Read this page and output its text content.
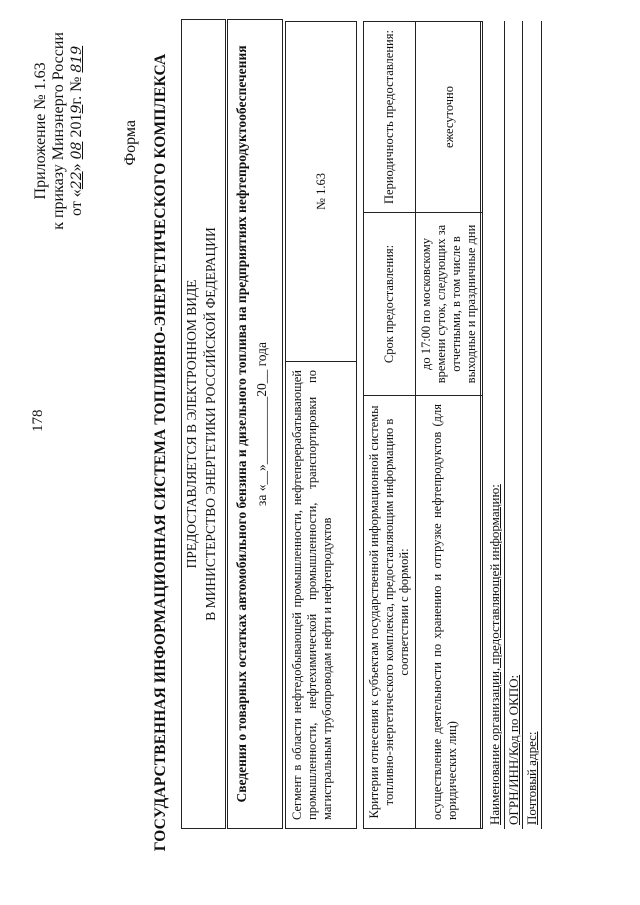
178
Приложение № 1.63 к приказу Минэнерго России от «22» 08 2019г. № 819
Форма ГОСУДАРСТВЕННАЯ ИНФОРМАЦИОННАЯ СИСТЕМА ТОПЛИВНО-ЭНЕРГЕТИЧЕСКОГО КОМПЛЕКСА ПРЕДОСТАВЛЯЕТСЯ В ЭЛЕКТРОННОМ ВИДЕ В МИНИСТЕРСТВО ЭНЕРГЕТИКИ РОССИЙСКОЙ ФЕДЕРАЦИИ Сведения о товарных остатках автомобильного бензина и дизельного топлива на предприятиях нефтепродуктообеспечения за «__»__________20__ года Сегмент в области нефтедобывающей промышленности, нефтеперерабатывающей промышленности, нефтехимической промышленности, транспортировки по магистральным трубопроводам нефти и нефтепродуктов	№ 1.63
Критерии отнесения к субъектам государственной информационной системы топливно-энергетического комплекса, предоставляющим информацию в соответствии с формой:	Срок предоставления:	Периодичность предоставления:
осуществление деятельности по хранению и отгрузке нефтепродуктов (для юридических лиц)	до 17:00 по московскому времени суток, следующих за отчетными, в том числе в выходные и праздничные дни	ежесуточно
Наименование организации, предоставляющей информацию: ОГРН/ИНН/Код по ОКПО: Почтовый адрес:
